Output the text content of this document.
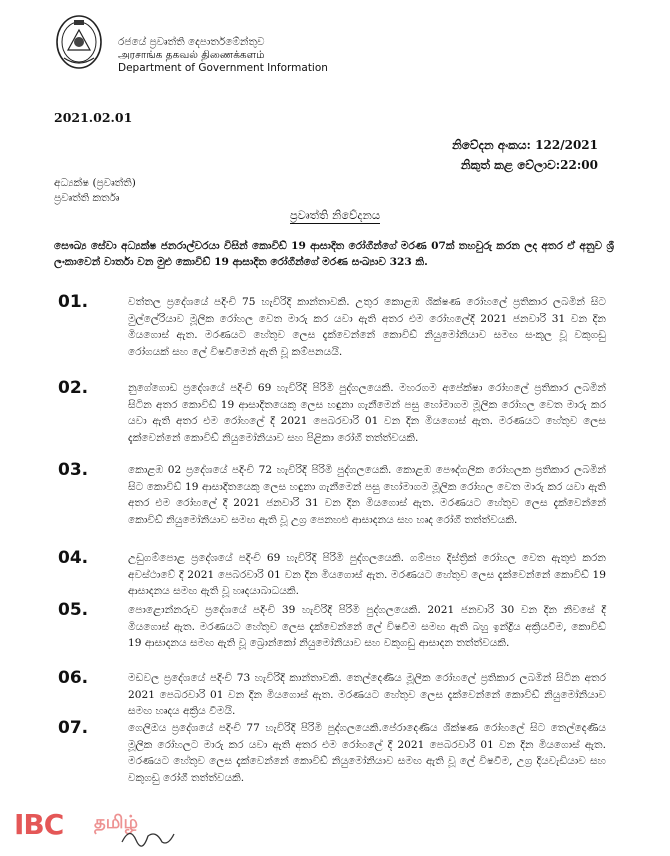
රජයේ ප්‍රවෘත්ති දෙපාර්තමේන්තුව
அரசாங்க தகவல் திணைக்களம்
Department of Government Information
2021.02.01
නිවේදන අංකය: 122/2021
නිකුත් කළ වේලාව:22:00
අධ්‍යක්ෂ (ප්‍රවෘත්ති)
ප්‍රවෘත්ති කර්තෘ
ප්‍රවෘත්ති නිවේදනය
සෞඛ්‍ය සේවා අධ්‍යක්ෂ ජනරාල්වරයා විසින් කොවිඩ් 19 ආසාදිත රෝගීන්ගේ මරණ 07ක් තහවුරු කරන ලද අතර ඒ අනුව ශ්‍රී ලංකාවෙන් වාර්තා වන මුළු කොවිඩ් 19 ආසාදිත රෝගීන්ගේ මරණ සංඛ්‍යාව 323 කි.
01.	වත්තල ප්‍රදේශයේ පදිංචි 75 හැවිරිදි කාන්තාවකි. උතුර කොළඹ ශික්ෂණ රෝහලේ ප්‍රතිකාර ලබමින් සිට මුල්ලේරියාව මූලික රෝහල වෙත මාරු කර යවා ඇති අතර එම රෝහලේදී 2021 ජනවාරි 31 වන දින මියගොස් ඇත. මරණයට හේතුව ලෙස දැක්වෙන්නේ කොවිඩ් නියුමෝනියාව සමඟ සංකූල වූ වකුගඩු රෝගයක් සහ ලේ විෂවීමෙන් ඇති වූ කම්පනයයි.
02.	නුගේගොඩ ප්‍රදේශයේ පදිංචි 69 හැවිරිදි පිරිමි පුද්ගලයෙකි. මහරගම අපේක්ෂා රෝහලේ ප්‍රතිකාර ලබමින් සිටින අතර කොවිඩ් 19 ආසාදිතයෙකු ලෙස හඳුනා ගැනීමෙන් පසු හෝමාගම මූලික රෝහල වෙත මාරු කර යවා ඇති අතර එම රෝහලේ දී 2021 පෙබරවාරි 01 වන දින මියගොස් ඇත. මරණයට හේතුව ලෙස දැක්වෙන්නේ කොවිඩ් නියුමෝනියාව සහ පිළිකා රෝගී තත්ත්වයකි.
03.	කොළඹ 02 ප්‍රදේශයේ පදිංචි 72 හැවිරිදි පිරිමි පුද්ගලයෙකි. කොළඹ පෞද්ගලික රෝහලක ප්‍රතිකාර ලබමින් සිට කොවිඩ් 19 ආසාදිතයෙකු ලෙස හඳුනා ගැනීමෙන් පසු හෝමාගම මූලික රෝහල වෙත මාරු කර යවා ඇති අතර එම රෝහලේ දී 2021 ජනවාරි 31 වන දින මියගොස් ඇත. මරණයට හේතුව ලෙස දැක්වෙන්නේ කොවිඩ් නියුමෝනියාව සමඟ ඇති වූ උග්‍ර පෙනහළු ආසාදනය සහ හෘද රෝගී තත්ත්වයකි.
04.	උඩුගම්පොළ ප්‍රදේශයේ පදිංචි 69 හැවිරිදි පිරිමි පුද්ගලයෙකි. ගම්පහ දිස්ත්‍රික් රෝහල වෙත ඇතුළු කරන අවස්ථාවේ දී 2021 පෙබරවාරි 01 වන දින මියගොස් ඇත. මරණයට හේතුව ලෙස දැක්වෙන්නේ කොවිඩ් 19 ආසාදනය සමඟ ඇති වූ හෘදයාබාධයකි.
05.	පොළොන්නරුව ප්‍රදේශයේ පදිංචි 39 හැවිරිදි පිරිමි පුද්ගලයෙකි. 2021 ජනවාරි 30 වන දින නිවසේ දී මියගොස් ඇත. මරණයට හේතුව ලෙස දැක්වෙන්නේ ලේ විෂවීම සමඟ ඇති බහු ඉන්ද්‍රිය අක්‍රියවීම, කොවිඩ් 19 ආසාදනය සමඟ ඇති වූ බ්‍රොන්කෝ නියුමෝනියාව සහ වකුගඩු ආසාදන තත්ත්වයකි.
06.	මඩවල ප්‍රදේශයේ පදිංචි 73 හැවිරිදි කාන්තාවකි. තෙල්දෙණිය මූලික රෝහලේ ප්‍රතිකාර ලබමින් සිටින අතර 2021 පෙබරවාරි 01 වන දින මියගොස් ඇත. මරණයට හේතුව ලෙස දැක්වෙන්නේ කොවිඩ් නියුමෝනියාව සමඟ හෘදය අක්‍රිය වීමයි.
07.	ගෙලිඔය ප්‍රදේශයේ පදිංචි 77 හැවිරිදි පිරිමි පුද්ගලයෙකි.පේරාදෙණිය ශික්ෂණ රෝහලේ සිට තෙල්දෙණිය මූලික රෝහලට මාරු කර යවා ඇති අතර එම රෝහලේ දී 2021 පෙබරවාරි 01 වන දින මියගොස් ඇත. මරණයට හේතුව ලෙස දැක්වෙන්නේ කොවිඩ් නියුමෝනියාව සමඟ ඇති වූ ලේ විෂවීම, උග්‍ර දියවැඩියාව සහ වකුගඩු රෝගී තත්ත්වයකි.
IBC தமிழ்
